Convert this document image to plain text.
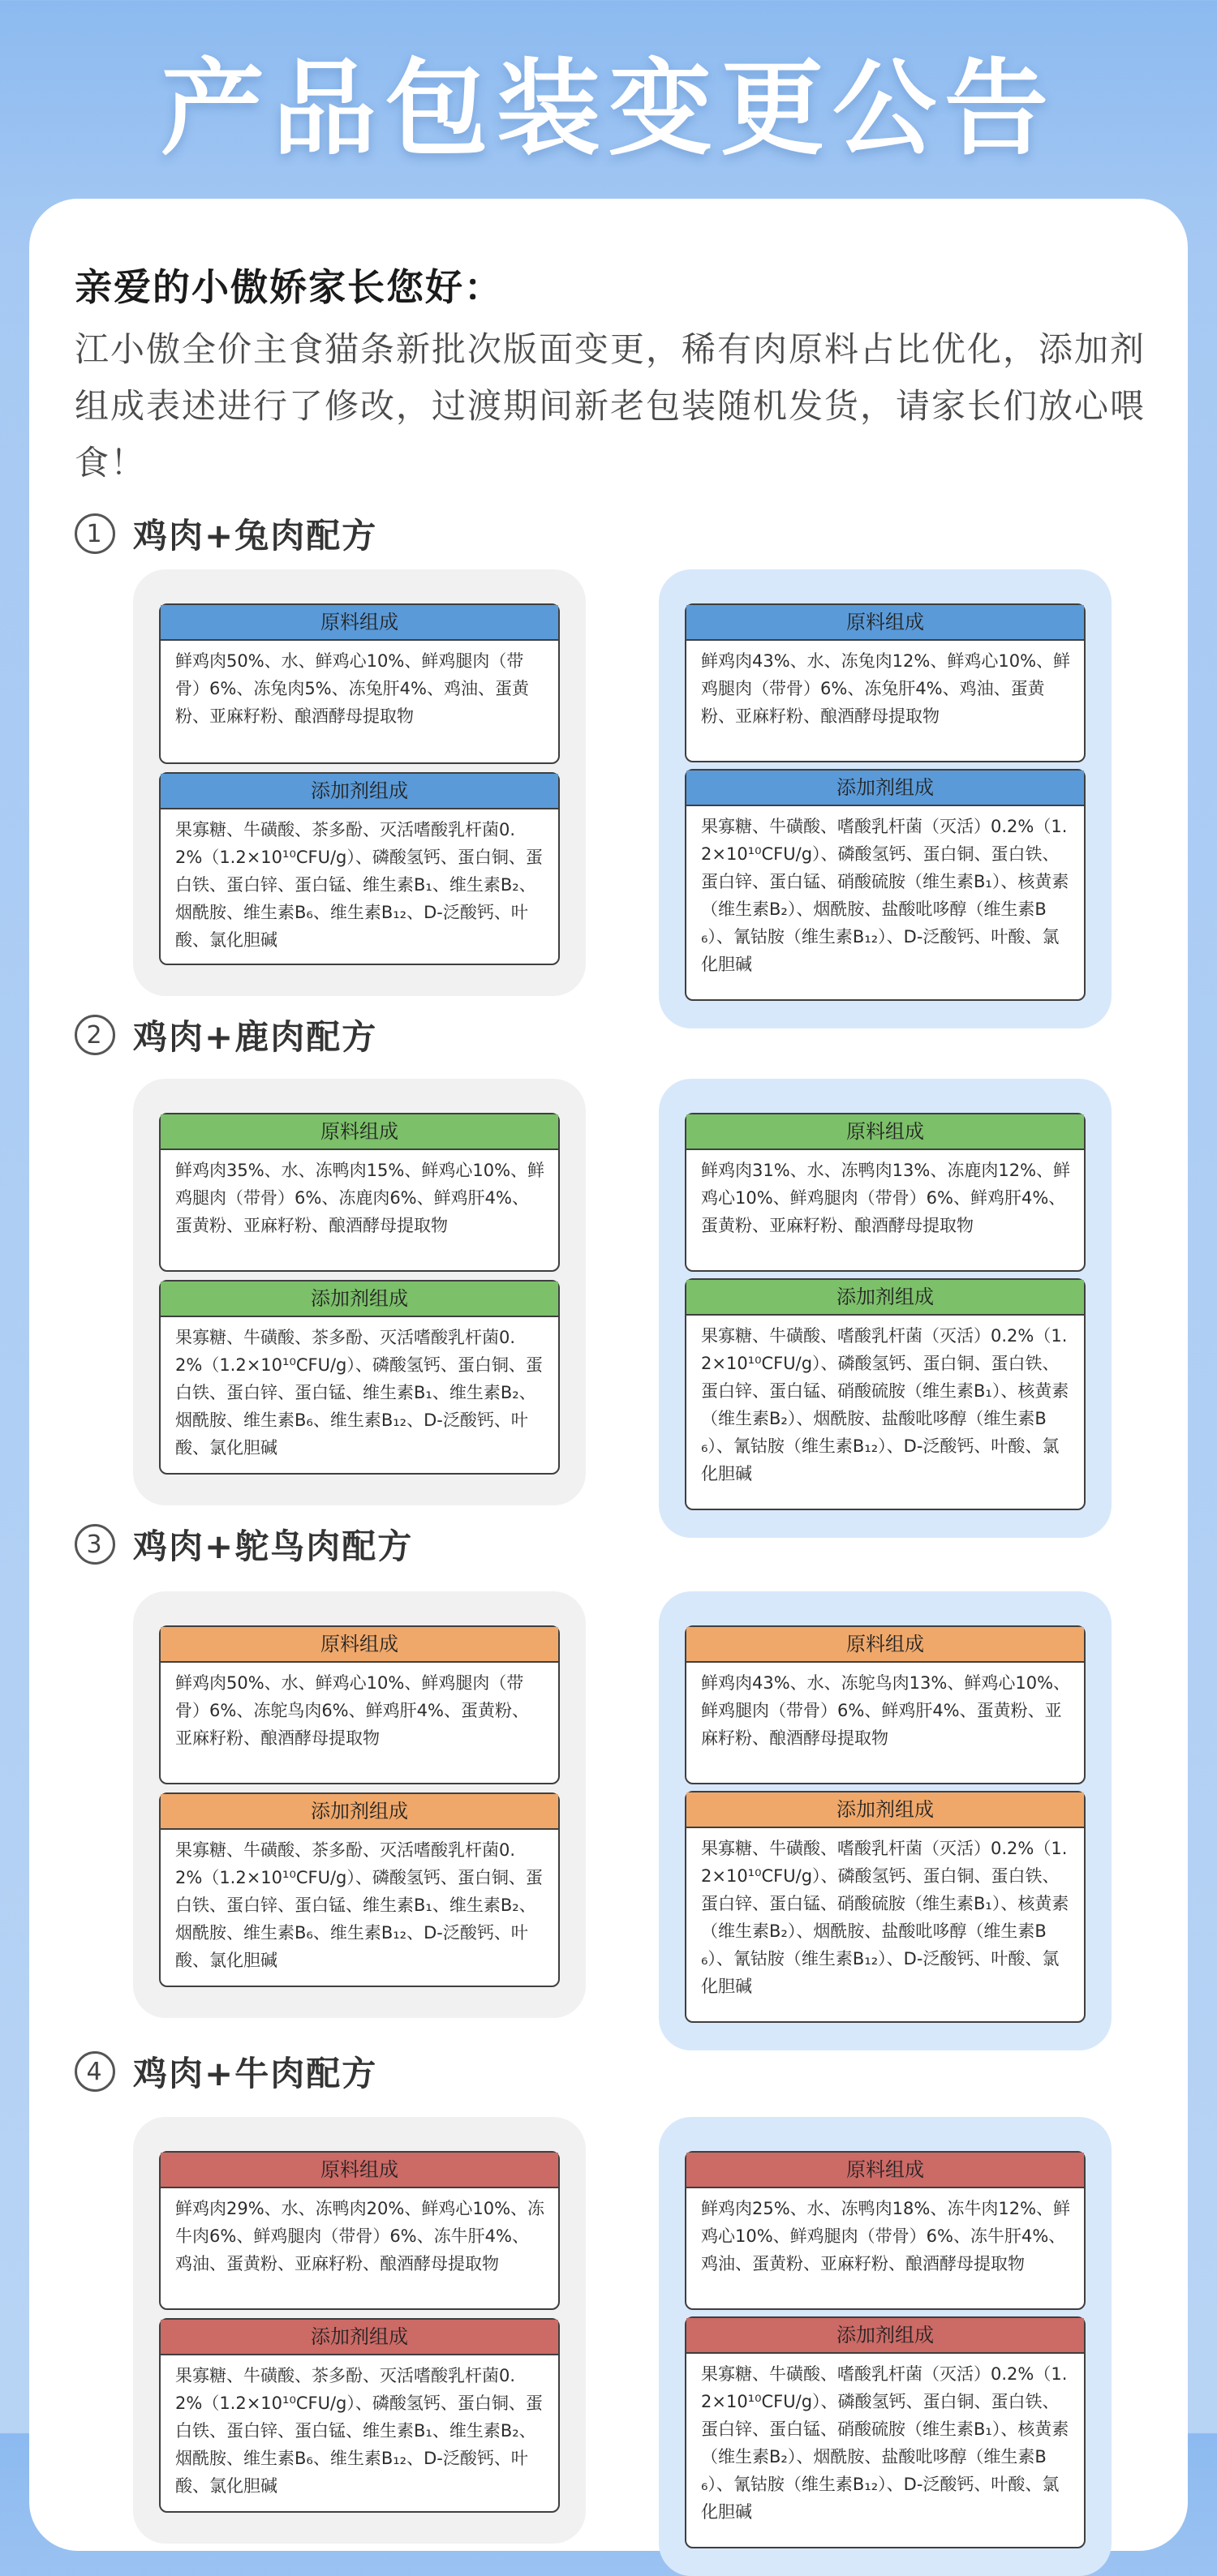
产品包装变更公告
亲爱的小傲娇家长您好：
江小傲全价主食猫条新批次版面变更，稀有肉原料占比优化，添加剂组成表述进行了修改，过渡期间新老包装随机发货，请家长们放心喂食！
1 鸡肉+兔肉配方
原料组成
鲜鸡肉50%、水、鲜鸡心10%、鲜鸡腿肉（带骨）6%、冻兔肉5%、冻兔肝4%、鸡油、蛋黄粉、亚麻籽粉、酿酒酵母提取物
添加剂组成
果寡糖、牛磺酸、茶多酚、灭活嗜酸乳杆菌0.2%（1.2×10¹⁰CFU/g）、磷酸氢钙、蛋白铜、蛋白铁、蛋白锌、蛋白锰、维生素B₁、维生素B₂、烟酰胺、维生素B₆、维生素B₁₂、D-泛酸钙、叶酸、氯化胆碱
原料组成
鲜鸡肉43%、水、冻兔肉12%、鲜鸡心10%、鲜鸡腿肉（带骨）6%、冻兔肝4%、鸡油、蛋黄粉、亚麻籽粉、酿酒酵母提取物
添加剂组成
果寡糖、牛磺酸、嗜酸乳杆菌（灭活）0.2%（1.2×10¹⁰CFU/g）、磷酸氢钙、蛋白铜、蛋白铁、蛋白锌、蛋白锰、硝酸硫胺（维生素B₁）、核黄素（维生素B₂）、烟酰胺、盐酸吡哆醇（维生素B₆）、氰钴胺（维生素B₁₂）、D-泛酸钙、叶酸、氯化胆碱
2 鸡肉+鹿肉配方
原料组成
鲜鸡肉35%、水、冻鸭肉15%、鲜鸡心10%、鲜鸡腿肉（带骨）6%、冻鹿肉6%、鲜鸡肝4%、蛋黄粉、亚麻籽粉、酿酒酵母提取物
添加剂组成
果寡糖、牛磺酸、茶多酚、灭活嗜酸乳杆菌0.2%（1.2×10¹⁰CFU/g）、磷酸氢钙、蛋白铜、蛋白铁、蛋白锌、蛋白锰、维生素B₁、维生素B₂、烟酰胺、维生素B₆、维生素B₁₂、D-泛酸钙、叶酸、氯化胆碱
原料组成
鲜鸡肉31%、水、冻鸭肉13%、冻鹿肉12%、鲜鸡心10%、鲜鸡腿肉（带骨）6%、鲜鸡肝4%、蛋黄粉、亚麻籽粉、酿酒酵母提取物
添加剂组成
果寡糖、牛磺酸、嗜酸乳杆菌（灭活）0.2%（1.2×10¹⁰CFU/g）、磷酸氢钙、蛋白铜、蛋白铁、蛋白锌、蛋白锰、硝酸硫胺（维生素B₁）、核黄素（维生素B₂）、烟酰胺、盐酸吡哆醇（维生素B₆）、氰钴胺（维生素B₁₂）、D-泛酸钙、叶酸、氯化胆碱
3 鸡肉+鸵鸟肉配方
原料组成
鲜鸡肉50%、水、鲜鸡心10%、鲜鸡腿肉（带骨）6%、冻鸵鸟肉6%、鲜鸡肝4%、蛋黄粉、亚麻籽粉、酿酒酵母提取物
添加剂组成
果寡糖、牛磺酸、茶多酚、灭活嗜酸乳杆菌0.2%（1.2×10¹⁰CFU/g）、磷酸氢钙、蛋白铜、蛋白铁、蛋白锌、蛋白锰、维生素B₁、维生素B₂、烟酰胺、维生素B₆、维生素B₁₂、D-泛酸钙、叶酸、氯化胆碱
原料组成
鲜鸡肉43%、水、冻鸵鸟肉13%、鲜鸡心10%、鲜鸡腿肉（带骨）6%、鲜鸡肝4%、蛋黄粉、亚麻籽粉、酿酒酵母提取物
添加剂组成
果寡糖、牛磺酸、嗜酸乳杆菌（灭活）0.2%（1.2×10¹⁰CFU/g）、磷酸氢钙、蛋白铜、蛋白铁、蛋白锌、蛋白锰、硝酸硫胺（维生素B₁）、核黄素（维生素B₂）、烟酰胺、盐酸吡哆醇（维生素B₆）、氰钴胺（维生素B₁₂）、D-泛酸钙、叶酸、氯化胆碱
4 鸡肉+牛肉配方
原料组成
鲜鸡肉29%、水、冻鸭肉20%、鲜鸡心10%、冻牛肉6%、鲜鸡腿肉（带骨）6%、冻牛肝4%、鸡油、蛋黄粉、亚麻籽粉、酿酒酵母提取物
添加剂组成
果寡糖、牛磺酸、茶多酚、灭活嗜酸乳杆菌0.2%（1.2×10¹⁰CFU/g）、磷酸氢钙、蛋白铜、蛋白铁、蛋白锌、蛋白锰、维生素B₁、维生素B₂、烟酰胺、维生素B₆、维生素B₁₂、D-泛酸钙、叶酸、氯化胆碱
原料组成
鲜鸡肉25%、水、冻鸭肉18%、冻牛肉12%、鲜鸡心10%、鲜鸡腿肉（带骨）6%、冻牛肝4%、鸡油、蛋黄粉、亚麻籽粉、酿酒酵母提取物
添加剂组成
果寡糖、牛磺酸、嗜酸乳杆菌（灭活）0.2%（1.2×10¹⁰CFU/g）、磷酸氢钙、蛋白铜、蛋白铁、蛋白锌、蛋白锰、硝酸硫胺（维生素B₁）、核黄素（维生素B₂）、烟酰胺、盐酸吡哆醇（维生素B₆）、氰钴胺（维生素B₁₂）、D-泛酸钙、叶酸、氯化胆碱
